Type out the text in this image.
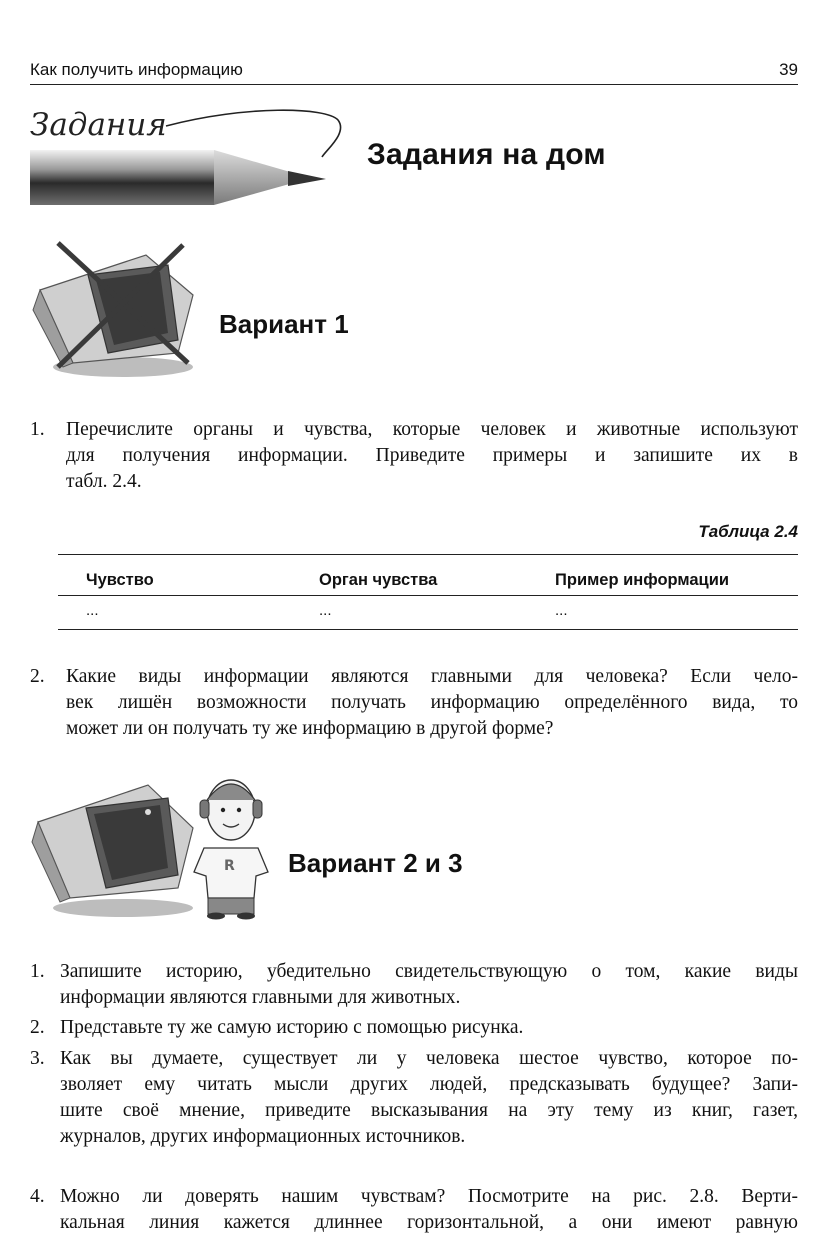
Как получить информацию	39
Задания
Задания на дом
Вариант 1
1. Перечислите органы и чувства, которые человек и животные используют

для получения информации. Приведите примеры и запишите их в

табл. 2.4.

Таблица 2.4
Чувство	Орган чувства	Пример информации
...	...	...
2. Какие виды информации являются главными для человека? Если чело-

век лишён возможности получать информацию определённого вида, то

может ли он получать ту же информацию в другой форме?

R Вариант 2 и 3
1. Запишите историю, убедительно свидетельствующую о том, какие виды

информации являются главными для животных.

2. Представьте ту же самую историю с помощью рисунка.

3. Как вы думаете, существует ли у человека шестое чувство, которое по-

зволяет ему читать мысли других людей, предсказывать будущее? Запи-

шите своё мнение, приведите высказывания на эту тему из книг, газет,

журналов, других информационных источников.

4. Можно ли доверять нашим чувствам? Посмотрите на рис. 2.8. Верти-

кальная линия кажется длиннее горизонтальной, а они имеют равную
